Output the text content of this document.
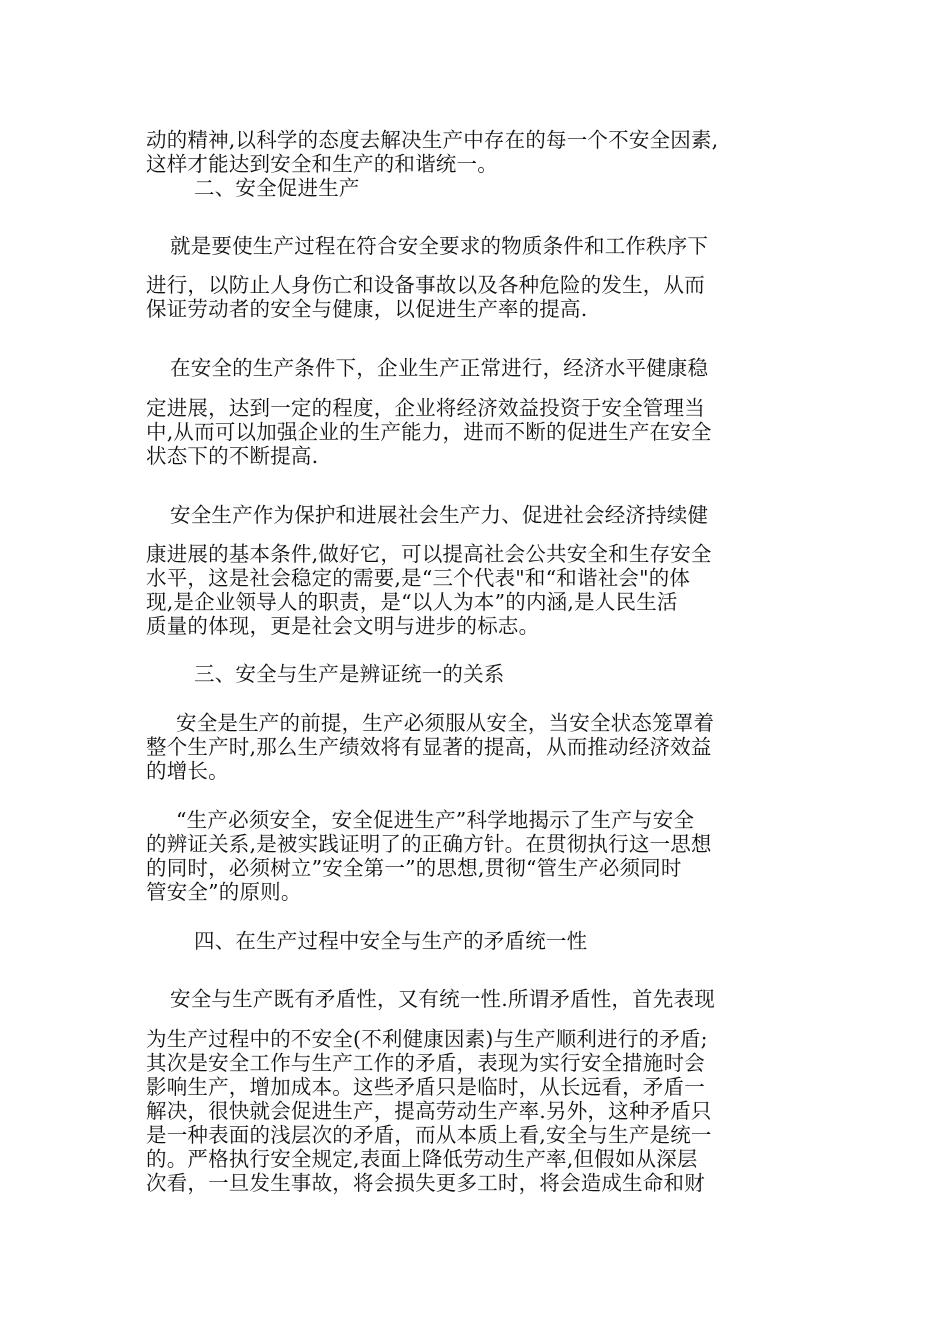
动的精神,以科学的态度去解决生产中存在的每一个不安全因素,
这样才能达到安全和生产的和谐统一。
二、安全促进生产
就是要使生产过程在符合安全要求的物质条件和工作秩序下
进行，以防止人身伤亡和设备事故以及各种危险的发生，从而
保证劳动者的安全与健康，以促进生产率的提高.
在安全的生产条件下，企业生产正常进行，经济水平健康稳
定进展，达到一定的程度，企业将经济效益投资于安全管理当
中,从而可以加强企业的生产能力，进而不断的促进生产在安全
状态下的不断提高.
安全生产作为保护和进展社会生产力、促进社会经济持续健
康进展的基本条件,做好它，可以提高社会公共安全和生存安全
水平，这是社会稳定的需要,是“三个代表"和“和谐社会"的体
现,是企业领导人的职责，是“以人为本”的内涵,是人民生活
质量的体现，更是社会文明与进步的标志。
三、安全与生产是辨证统一的关系
安全是生产的前提，生产必须服从安全，当安全状态笼罩着
整个生产时,那么生产绩效将有显著的提高，从而推动经济效益
的增长。
“生产必须安全，安全促进生产”科学地揭示了生产与安全
的辨证关系,是被实践证明了的正确方针。在贯彻执行这一思想
的同时，必须树立”安全第一”的思想,贯彻“管生产必须同时
管安全”的原则。
四、在生产过程中安全与生产的矛盾统一性
安全与生产既有矛盾性，又有统一性.所谓矛盾性，首先表现
为生产过程中的不安全(不利健康因素)与生产顺利进行的矛盾;
其次是安全工作与生产工作的矛盾，表现为实行安全措施时会
影响生产，增加成本。这些矛盾只是临时，从长远看，矛盾一
解决，很快就会促进生产，提高劳动生产率.另外，这种矛盾只
是一种表面的浅层次的矛盾，而从本质上看,安全与生产是统一
的。严格执行安全规定,表面上降低劳动生产率,但假如从深层
次看，一旦发生事故，将会损失更多工时，将会造成生命和财
